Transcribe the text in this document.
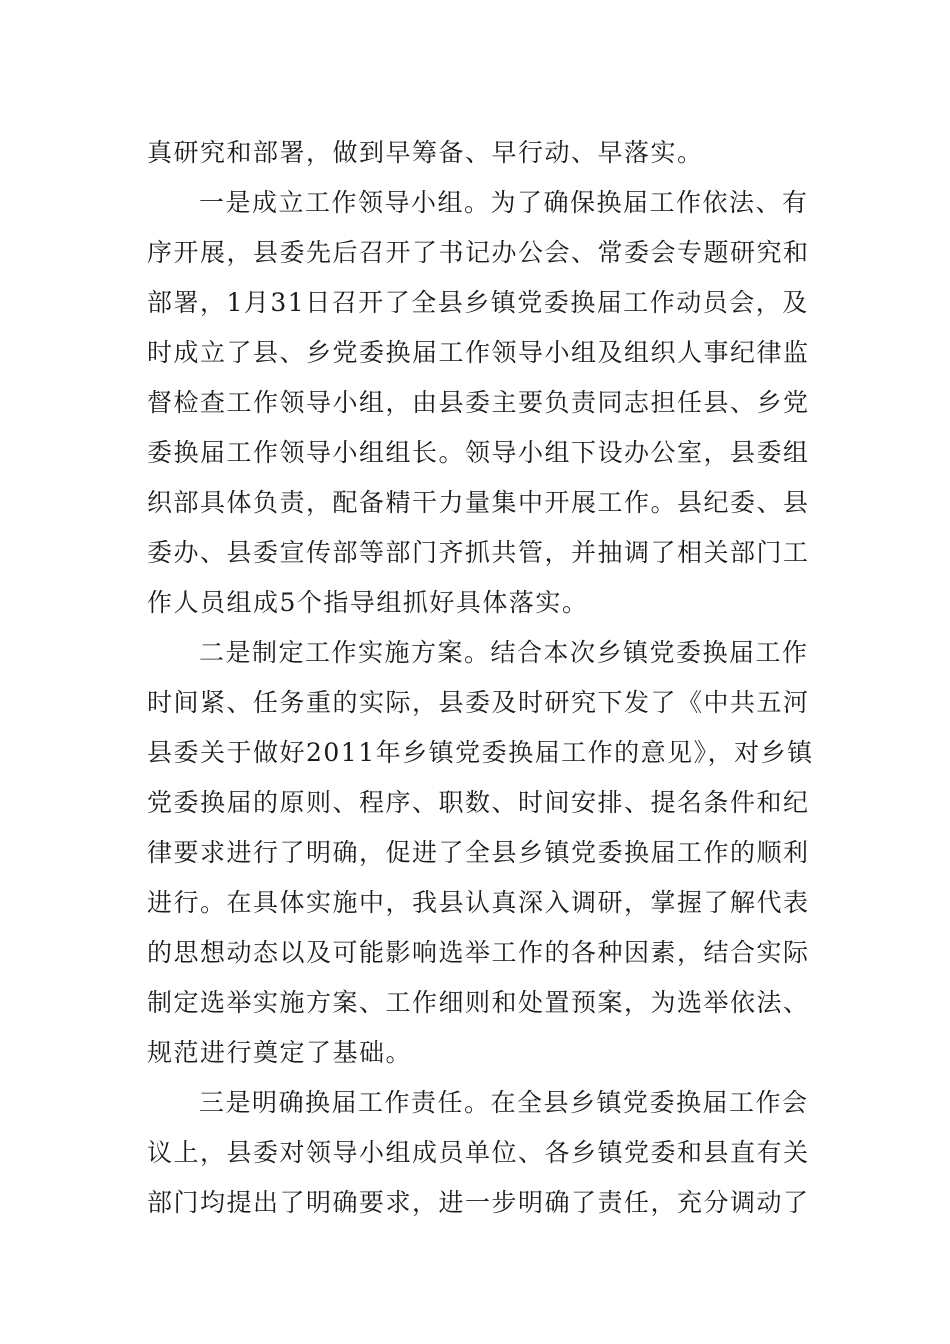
真研究和部署，做到早筹备、早行动、早落实。
一是成立工作领导小组。为了确保换届工作依法、有
序开展，县委先后召开了书记办公会、常委会专题研究和
部署，1月31日召开了全县乡镇党委换届工作动员会，及
时成立了县、乡党委换届工作领导小组及组织人事纪律监
督检查工作领导小组，由县委主要负责同志担任县、乡党
委换届工作领导小组组长。领导小组下设办公室，县委组
织部具体负责，配备精干力量集中开展工作。县纪委、县
委办、县委宣传部等部门齐抓共管，并抽调了相关部门工
作人员组成5个指导组抓好具体落实。
二是制定工作实施方案。结合本次乡镇党委换届工作
时间紧、任务重的实际，县委及时研究下发了《中共五河
县委关于做好2011年乡镇党委换届工作的意见》，对乡镇
党委换届的原则、程序、职数、时间安排、提名条件和纪
律要求进行了明确，促进了全县乡镇党委换届工作的顺利
进行。在具体实施中，我县认真深入调研，掌握了解代表
的思想动态以及可能影响选举工作的各种因素，结合实际
制定选举实施方案、工作细则和处置预案，为选举依法、
规范进行奠定了基础。
三是明确换届工作责任。在全县乡镇党委换届工作会
议上，县委对领导小组成员单位、各乡镇党委和县直有关
部门均提出了明确要求，进一步明确了责任，充分调动了
